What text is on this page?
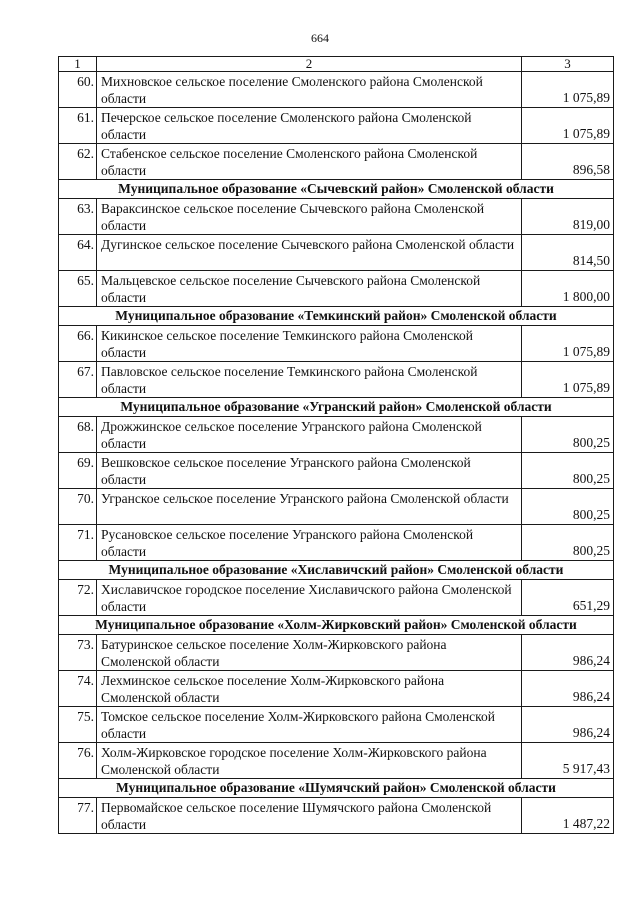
664
1	2	3
60.	Михновское сельское поселение Смоленского района Смоленской области	1 075,89
61.	Печерское сельское поселение Смоленского района Смоленской области	1 075,89
62.	Стабенское сельское поселение Смоленского района Смоленской области	896,58
Муниципальное образование «Сычевский район» Смоленской области		
63.	Вараксинское сельское поселение Сычевского района Смоленской области	819,00
64.	Дугинское сельское поселение Сычевского района Смоленской области	814,50
65.	Мальцевское сельское поселение Сычевского района Смоленской области	1 800,00
Муниципальное образование «Темкинский район» Смоленской области		
66.	Кикинское сельское поселение Темкинского района Смоленской области	1 075,89
67.	Павловское сельское поселение Темкинского района Смоленской области	1 075,89
Муниципальное образование «Угранский район» Смоленской области		
68.	Дрожжинское сельское поселение Угранского района Смоленской области	800,25
69.	Вешковское сельское поселение Угранского района Смоленской области	800,25
70.	Угранское сельское поселение Угранского района Смоленской области	800,25
71.	Русановское сельское поселение Угранского района Смоленской области	800,25
Муниципальное образование «Хиславичский район» Смоленской области		
72.	Хиславичское городское поселение Хиславичского района Смоленской области	651,29
Муниципальное образование «Холм-Жирковский район» Смоленской области		
73.	Батуринское сельское поселение Холм-Жирковского района Смоленской области	986,24
74.	Лехминское сельское поселение Холм-Жирковского района Смоленской области	986,24
75.	Томское сельское поселение Холм-Жирковского района Смоленской области	986,24
76.	Холм-Жирковское городское поселение Холм-Жирковского района Смоленской области	5 917,43
Муниципальное образование «Шумячский район» Смоленской области		
77.	Первомайское сельское поселение Шумячского района Смоленской области	1 487,22
